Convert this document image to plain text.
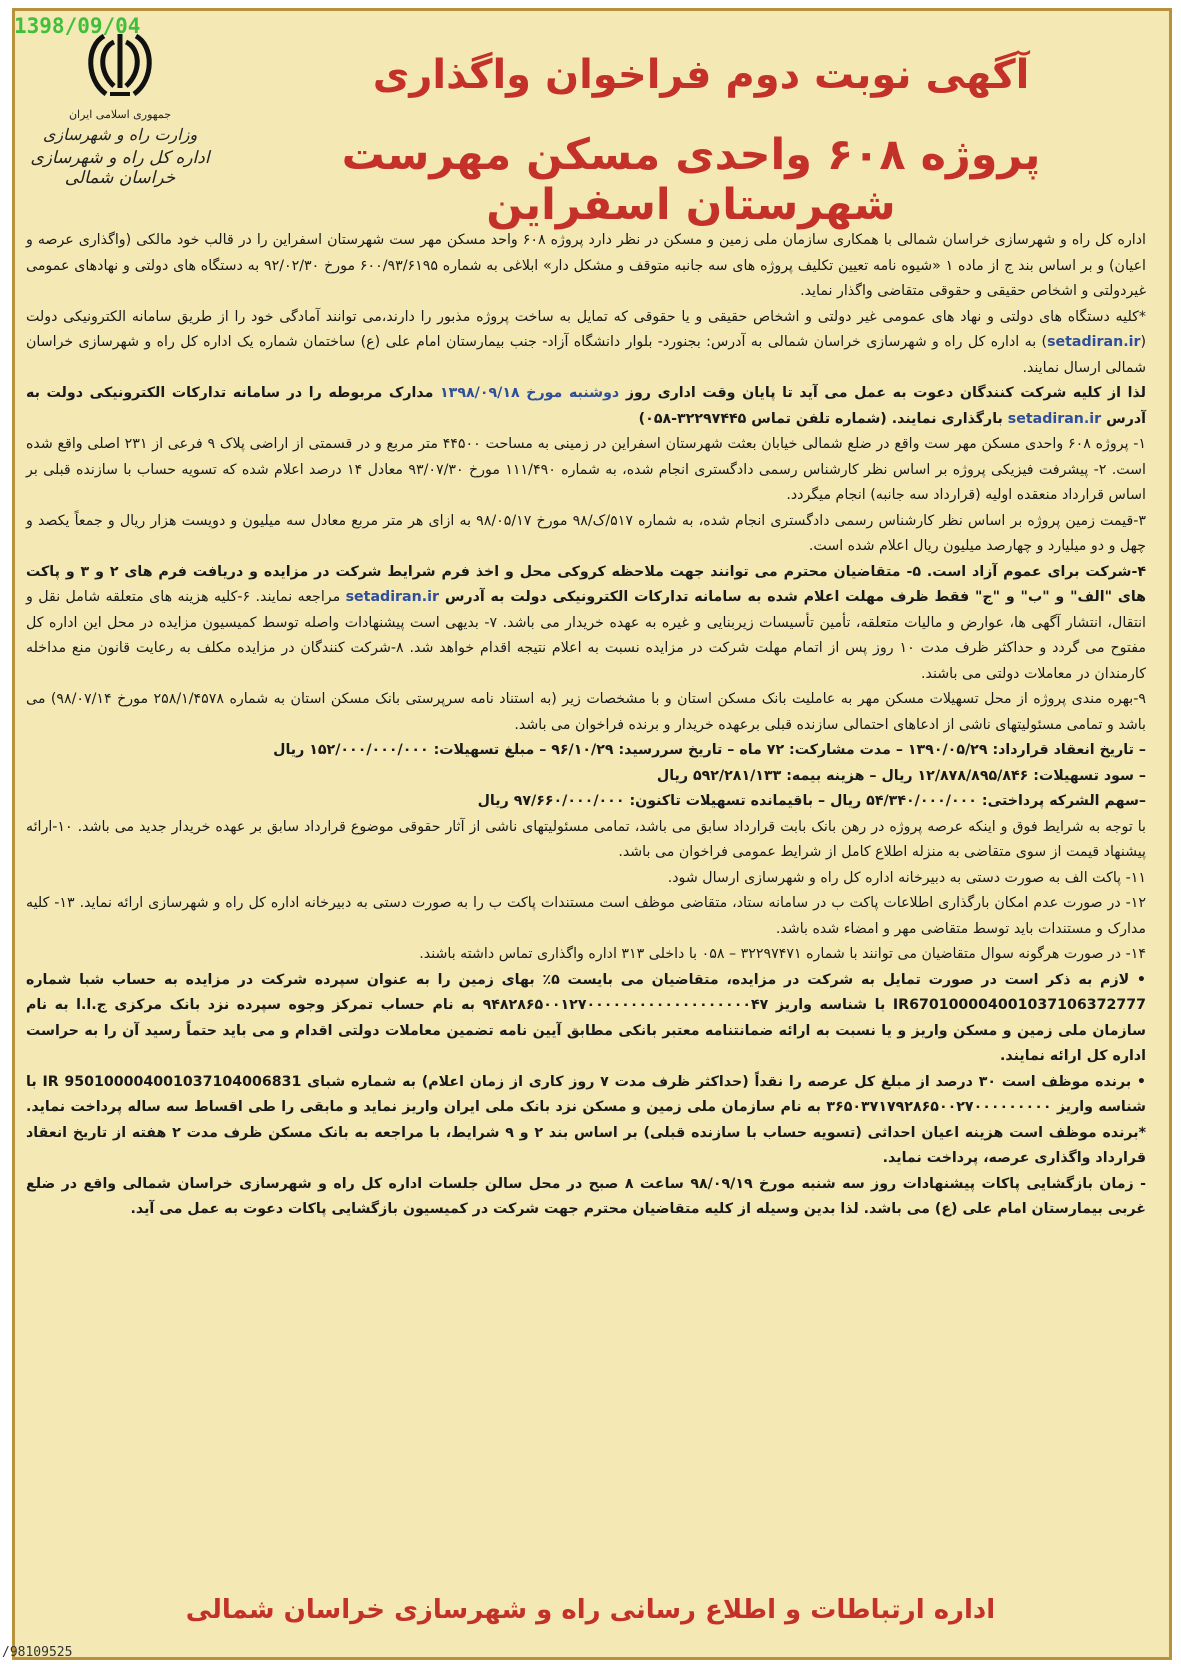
1398/09/04
جمهوری اسلامی ایران
وزارت راه و شهرسازی
اداره کل راه و شهرسازی خراسان شمالی
آگهی نوبت دوم فراخوان واگذاری
پروژه ۶۰۸ واحدی مسکن مهرست شهرستان اسفراین

اداره کل راه و شهرسازی خراسان شمالی با همکاری سازمان ملی زمین و مسکن در نظر دارد پروژه ۶۰۸ واحد مسکن مهر ست شهرستان اسفراین را در قالب خود مالکی (واگذاری عرصه و اعیان) و بر اساس بند ج از ماده ۱ «شیوه نامه تعیین تکلیف پروژه های سه جانبه متوقف و مشکل دار» ابلاغی به شماره ۶۰۰/۹۳/۶۱۹۵ مورخ ۹۲/۰۲/۳۰ به دستگاه های دولتی و نهادهای عمومی غیردولتی و اشخاص حقیقی و حقوقی متقاضی واگذار نماید.

*کلیه دستگاه های دولتی و نهاد های عمومی غیر دولتی و اشخاص حقیقی و یا حقوقی که تمایل به ساخت پروژه مذبور را دارند،می توانند آمادگی خود را از طریق سامانه الکترونیکی دولت (setadiran.ir) به اداره کل راه و شهرسازی خراسان شمالی به آدرس: بجنورد- بلوار دانشگاه آزاد- جنب بیمارستان امام علی (ع) ساختمان شماره یک اداره کل راه و شهرسازی خراسان شمالی ارسال نمایند.

لذا از کلیه شرکت کنندگان دعوت به عمل می آید تا پایان وقت اداری روز دوشنبه مورخ ۱۳۹۸/۰۹/۱۸ مدارک مربوطه را در سامانه تدارکات الکترونیکی دولت به آدرس setadiran.ir بارگذاری نمایند. (شماره تلفن تماس ۳۲۲۹۷۴۴۵-۰۵۸)

۱- پروژه ۶۰۸ واحدی مسکن مهر ست واقع در ضلع شمالی خیابان بعثت شهرستان اسفراین در زمینی به مساحت ۴۴۵۰۰ متر مربع و در قسمتی از اراضی پلاک ۹ فرعی از ۲۳۱ اصلی واقع شده است. ۲- پیشرفت فیزیکی پروژه بر اساس نظر کارشناس رسمی دادگستری انجام شده، به شماره ۱۱۱/۴۹۰ مورخ ۹۳/۰۷/۳۰ معادل ۱۴ درصد اعلام شده که تسویه حساب با سازنده قبلی بر اساس قرارداد منعقده اولیه (قرارداد سه جانبه) انجام میگردد.

۳-قیمت زمین پروژه بر اساس نظر کارشناس رسمی دادگستری انجام شده، به شماره ۵۱۷/ک/۹۸ مورخ ۹۸/۰۵/۱۷ به ازای هر متر مربع معادل سه میلیون و دویست هزار ریال و جمعاً یکصد و چهل و دو میلیارد و چهارصد میلیون ریال اعلام شده است.

۴-شرکت برای عموم آزاد است. ۵- متقاضیان محترم می توانند جهت ملاحظه کروکی محل و اخذ فرم شرایط شرکت در مزایده و دریافت فرم های ۲ و ۳ و پاکت های "الف" و "ب" و "ج" فقط ظرف مهلت اعلام شده به سامانه تدارکات الکترونیکی دولت به آدرس setadiran.ir مراجعه نمایند. ۶-کلیه هزینه های متعلقه شامل نقل و انتقال، انتشار آگهی ها، عوارض و مالیات متعلقه، تأمین تأسیسات زیربنایی و غیره به عهده خریدار می باشد. ۷- بدیهی است پیشنهادات واصله توسط کمیسیون مزایده در محل این اداره کل مفتوح می گردد و حداکثر ظرف مدت ۱۰ روز پس از اتمام مهلت شرکت در مزایده نسبت به اعلام نتیجه اقدام خواهد شد. ۸-شرکت کنندگان در مزایده مکلف به رعایت قانون منع مداخله کارمندان در معاملات دولتی می باشند.

۹-بهره مندی پروژه از محل تسهیلات مسکن مهر به عاملیت بانک مسکن استان و با مشخصات زیر (به استناد نامه سرپرستی بانک مسکن استان به شماره ۲۵۸/۱/۴۵۷۸ مورخ ۹۸/۰۷/۱۴) می باشد و تمامی مسئولیتهای ناشی از ادعاهای احتمالی سازنده قبلی برعهده خریدار و برنده فراخوان می باشد.

– تاریخ انعقاد قرارداد: ۱۳۹۰/۰۵/۲۹ – مدت مشارکت: ۷۲ ماه – تاریخ سررسید: ۹۶/۱۰/۲۹ – مبلغ تسهیلات: ۱۵۲/۰۰۰/۰۰۰/۰۰۰ ریال

– سود تسهیلات: ۱۲/۸۷۸/۸۹۵/۸۴۶ ریال – هزینه بیمه: ۵۹۲/۲۸۱/۱۳۳ ریال

–سهم الشرکه پرداختی: ۵۴/۳۴۰/۰۰۰/۰۰۰ ریال – باقیمانده تسهیلات تاکنون: ۹۷/۶۶۰/۰۰۰/۰۰۰ ریال

با توجه به شرایط فوق و اینکه عرصه پروژه در رهن بانک بابت قرارداد سابق می باشد، تمامی مسئولیتهای ناشی از آثار حقوقی موضوع قرارداد سابق بر عهده خریدار جدید می باشد. ۱۰-ارائه پیشنهاد قیمت از سوی متقاضی به منزله اطلاع کامل از شرایط عمومی فراخوان می باشد.

۱۱- پاکت الف به صورت دستی به دبیرخانه اداره کل راه و شهرسازی ارسال شود.

۱۲- در صورت عدم امکان بارگذاری اطلاعات پاکت ب در سامانه ستاد، متقاضی موظف است مستندات پاکت ب را به صورت دستی به دبیرخانه اداره کل راه و شهرسازی ارائه نماید. ۱۳- کلیه مدارک و مستندات باید توسط متقاضی مهر و امضاء شده باشد.

۱۴- در صورت هرگونه سوال متقاضیان می توانند با شماره ۳۲۲۹۷۴۷۱ – ۰۵۸ با داخلی ۳۱۳ اداره واگذاری تماس داشته باشند.

• لازم به ذکر است در صورت تمایل به شرکت در مزایده، متقاضیان می بایست ۵٪ بهای زمین را به عنوان سپرده شرکت در مزایده به حساب شبا شماره IR670100004001037106372777 با شناسه واریز ۹۴۸۲۸۶۵۰۰۱۲۷۰۰۰۰۰۰۰۰۰۰۰۰۰۰۰۰۰۰۰۴۷ به نام حساب تمرکز وجوه سپرده نزد بانک مرکزی ج.ا.ا به نام سازمان ملی زمین و مسکن واریز و یا نسبت به ارائه ضمانتنامه معتبر بانکی مطابق آیین نامه تضمین معاملات دولتی اقدام و می باید حتماً رسید آن را به حراست اداره کل ارائه نمایند.

• برنده موظف است ۳۰ درصد از مبلغ کل عرصه را نقداً (حداکثر ظرف مدت ۷ روز کاری از زمان اعلام) به شماره شبای IR 950100004001037104006831 با شناسه واریز ۳۶۵۰۳۷۱۷۹۲۸۶۵۰۰۲۷۰۰۰۰۰۰۰۰۰ به نام سازمان ملی زمین و مسکن نزد بانک ملی ایران واریز نماید و مابقی را طی اقساط سه ساله پرداخت نماید. *برنده موظف است هزینه اعیان احداثی (تسویه حساب با سازنده قبلی) بر اساس بند ۲ و ۹ شرایط، با مراجعه به بانک مسکن ظرف مدت ۲ هفته از تاریخ انعقاد قرارداد واگذاری عرصه، پرداخت نماید.

- زمان بازگشایی پاکات پیشنهادات روز سه شنبه مورخ ۹۸/۰۹/۱۹ ساعت ۸ صبح در محل سالن جلسات اداره کل راه و شهرسازی خراسان شمالی واقع در ضلع غربی بیمارستان امام علی (ع) می باشد. لذا بدین وسیله از کلیه متقاضیان محترم جهت شرکت در کمیسیون بازگشایی پاکات دعوت به عمل می آید.

اداره ارتباطات و اطلاع رسانی راه و شهرسازی خراسان شمالی
/98109525
